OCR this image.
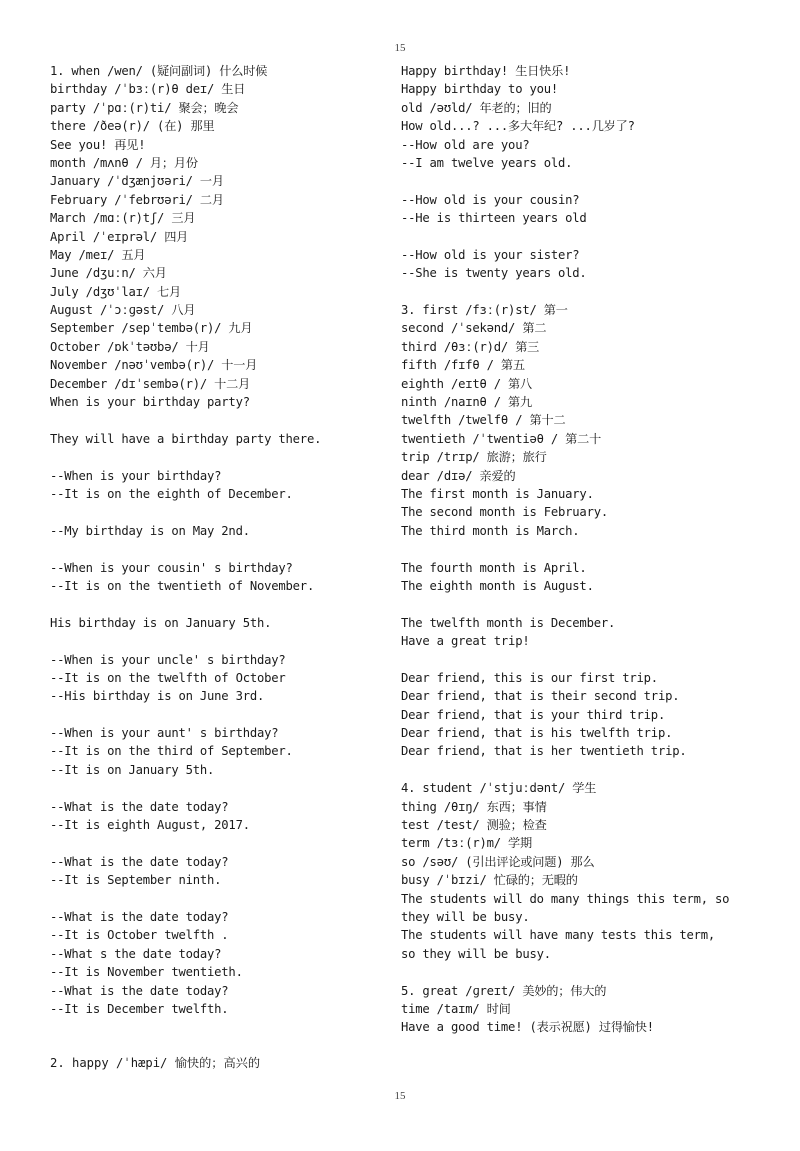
15
1. when /wen/ (疑问副词) 什么时候
birthday /ˈbɜː(r)θ deɪ/ 生日
party /ˈpɑː(r)ti/ 聚会；晚会
there /ðeə(r)/ (在) 那里
See you! 再见!
month /mʌnθ / 月；月份
January /ˈdʒænjʊəri/ 一月
February /ˈfebrʊəri/ 二月
March /mɑː(r)tʃ/ 三月
April /ˈeɪprəl/ 四月
May /meɪ/ 五月
June /dʒuːn/ 六月
July /dʒʊˈlaɪ/ 七月
August /ˈɔːɡəst/ 八月
September /sepˈtembə(r)/ 九月
October /ɒkˈtəʊbə/ 十月
November /nəʊˈvembə(r)/ 十一月
December /dɪˈsembə(r)/ 十二月
When is your birthday party?
They will have a birthday party there.
--When is your birthday?
--It is on the eighth of December.
--My birthday is on May 2nd.
--When is your cousin' s birthday?
--It is on the twentieth of November.
His birthday is on January 5th.
--When is your uncle' s birthday?
--It is on the twelfth of October
--His birthday is on June 3rd.
--When is your aunt' s birthday?
--It is on the third of September.
--It is on January 5th.
--What is the date today?
--It is eighth August, 2017.
--What is the date today?
--It is September ninth.
--What is the date today?
--It is October twelfth .
--What s the date today?
--It is November twentieth.
--What is the date today?
--It is December twelfth.
Happy birthday! 生日快乐!
Happy birthday to you!
old /əʊld/ 年老的；旧的
How old...? ...多大年纪? ...几岁了?
--How old are you?
--I am twelve years old.
--How old is your cousin?
--He is thirteen years old
--How old is your sister?
--She is twenty years old.
3. first /fɜː(r)st/ 第一
second /ˈsekənd/ 第二
third /θɜː(r)d/ 第三
fifth /fɪfθ / 第五
eighth /eɪtθ / 第八
ninth /naɪnθ / 第九
twelfth /twelfθ / 第十二
twentieth /ˈtwentiəθ / 第二十
trip /trɪp/ 旅游；旅行
dear /dɪə/ 亲爱的
The first month is January.
The second month is February.
The third month is March.
The fourth month is April.
The eighth month is August.
The twelfth month is December.
Have a great trip!
Dear friend, this is our first trip.
Dear friend, that is their second trip.
Dear friend, that is your third trip.
Dear friend, that is his twelfth trip.
Dear friend, that is her twentieth trip.
4. student /ˈstjuːdənt/ 学生
thing /θɪŋ/ 东西；事情
test /test/ 测验；检查
term /tɜː(r)m/ 学期
so /səʊ/ (引出评论或问题) 那么
busy /ˈbɪzi/ 忙碌的；无暇的
The students will do many things this term, so
they will be busy.
The students will have many tests this term,
so they will be busy.
5. great /ɡreɪt/ 美妙的；伟大的
time /taɪm/ 时间
Have a good time! (表示祝愿) 过得愉快!
2. happy /ˈhæpi/ 愉快的；高兴的
15
